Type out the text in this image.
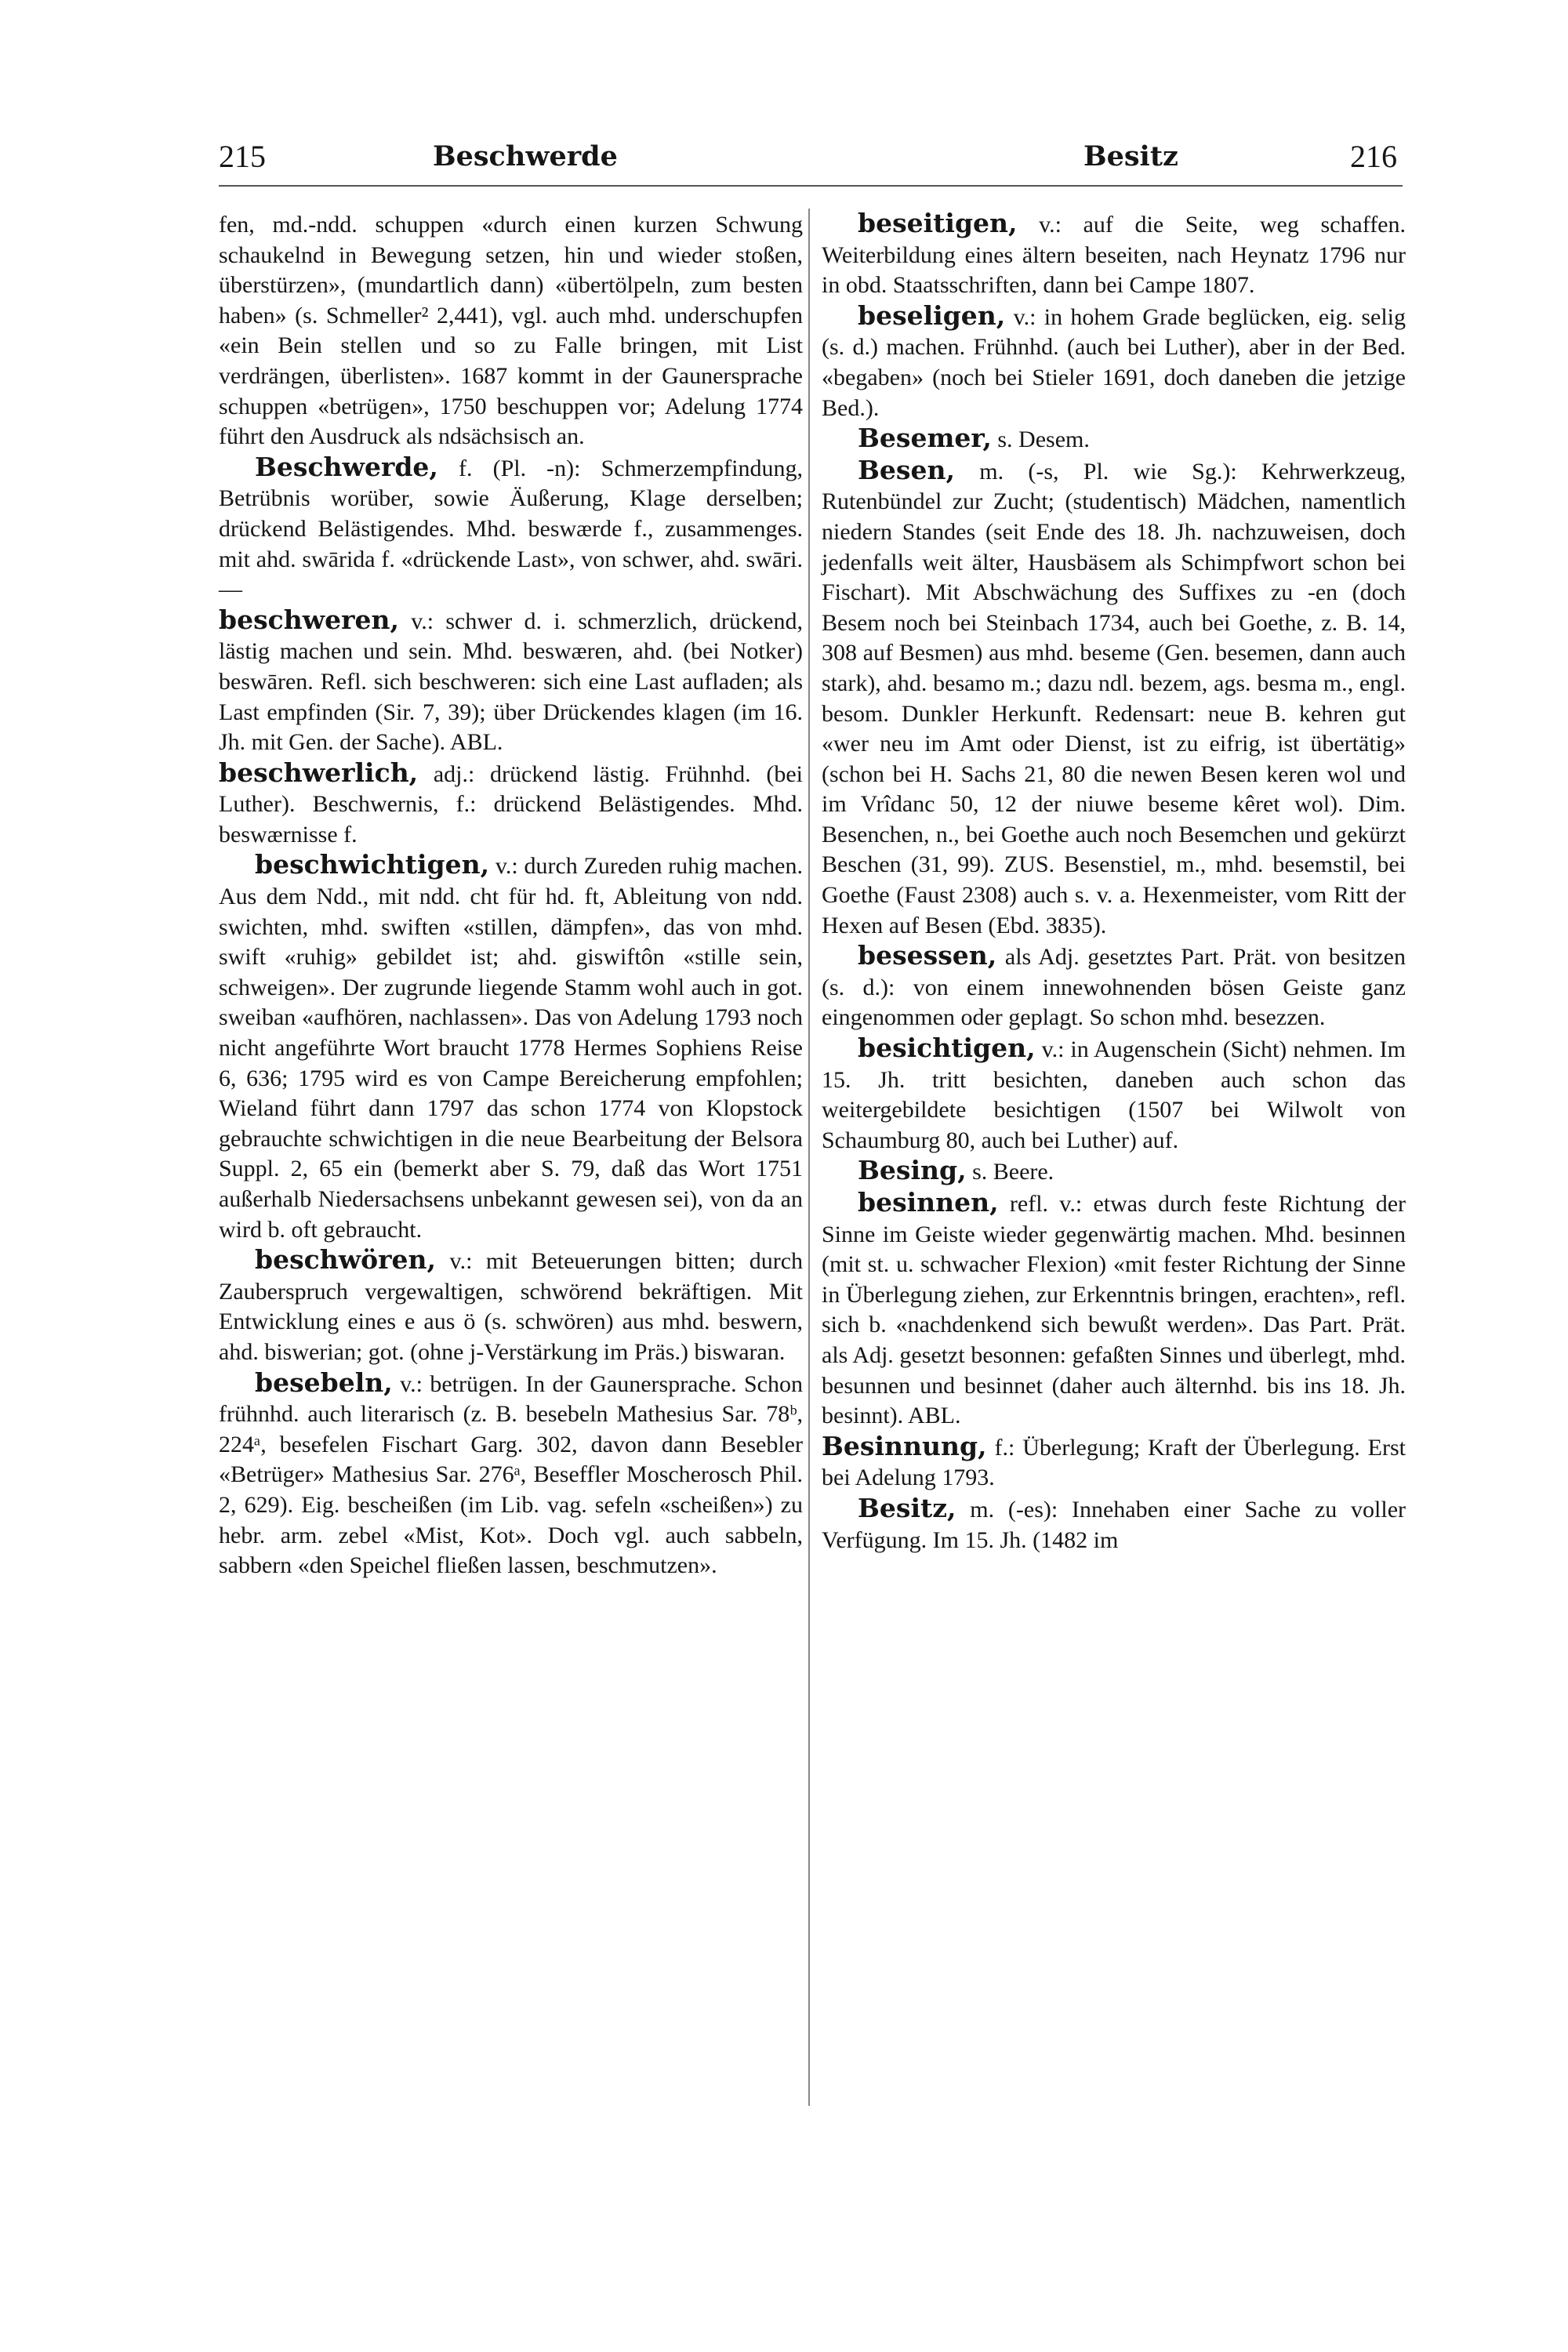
215	Beschwerde	Besitz	216

fen, md.-ndd. schuppen «durch einen kurzen Schwung schaukelnd in Bewegung setzen, hin und wieder stoßen, überstürzen», (mundartlich dann) «übertölpeln, zum besten haben» (s. Schmeller² 2,441), vgl. auch mhd. underschupfen «ein Bein stellen und so zu Falle bringen, mit List verdrängen, überlisten». 1687 kommt in der Gaunersprache schuppen «betrügen», 1750 beschuppen vor; Adelung 1774 führt den Ausdruck als ndsächsisch an.

Beschwerde, f. (Pl. -n): Schmerzempfindung, Betrübnis worüber, sowie Äußerung, Klage derselben; drückend Belästigendes. Mhd. beswærde f., zusammenges. mit ahd. swārida f. «drückende Last», von schwer, ahd. swāri. —

beschweren, v.: schwer d. i. schmerzlich, drückend, lästig machen und sein. Mhd. beswæren, ahd. (bei Notker) beswāren. Refl. sich beschweren: sich eine Last aufladen; als Last empfinden (Sir. 7, 39); über Drückendes klagen (im 16. Jh. mit Gen. der Sache). ABL.

beschwerlich, adj.: drückend lästig. Frühnhd. (bei Luther). Beschwernis, f.: drückend Belästigendes. Mhd. beswærnisse f.

beschwichtigen, v.: durch Zureden ruhig machen. Aus dem Ndd., mit ndd. cht für hd. ft, Ableitung von ndd. swichten, mhd. swiften «stillen, dämpfen», das von mhd. swift «ruhig» gebildet ist; ahd. giswiftôn «stille sein, schweigen». Der zugrunde liegende Stamm wohl auch in got. sweiban «aufhören, nachlassen». Das von Adelung 1793 noch nicht angeführte Wort braucht 1778 Hermes Sophiens Reise 6, 636; 1795 wird es von Campe Bereicherung empfohlen; Wieland führt dann 1797 das schon 1774 von Klopstock gebrauchte schwichtigen in die neue Bearbeitung der Belsora Suppl. 2, 65 ein (bemerkt aber S. 79, daß das Wort 1751 außerhalb Niedersachsens unbekannt gewesen sei), von da an wird b. oft gebraucht.

beschwören, v.: mit Beteuerungen bitten; durch Zauberspruch vergewaltigen, schwörend bekräftigen. Mit Entwicklung eines e aus ö (s. schwören) aus mhd. beswern, ahd. biswerian; got. (ohne j-Verstärkung im Präs.) biswaran.

besebeln, v.: betrügen. In der Gaunersprache. Schon frühnhd. auch literarisch (z. B. besebeln Mathesius Sar. 78ᵇ, 224ᵃ, besefelen Fischart Garg. 302, davon dann Besebler «Betrüger» Mathesius Sar. 276ᵃ, Beseffler Moscherosch Phil. 2, 629). Eig. bescheißen (im Lib. vag. sefeln «scheißen») zu hebr. arm. zebel «Mist, Kot». Doch vgl. auch sabbeln, sabbern «den Speichel fließen lassen, beschmutzen».

beseitigen, v.: auf die Seite, weg schaffen. Weiterbildung eines ältern beseiten, nach Heynatz 1796 nur in obd. Staatsschriften, dann bei Campe 1807.

beseligen, v.: in hohem Grade beglücken, eig. selig (s. d.) machen. Frühnhd. (auch bei Luther), aber in der Bed. «begaben» (noch bei Stieler 1691, doch daneben die jetzige Bed.).

Besemer, s. Desem.

Besen, m. (-s, Pl. wie Sg.): Kehrwerkzeug, Rutenbündel zur Zucht; (studentisch) Mädchen, namentlich niedern Standes (seit Ende des 18. Jh. nachzuweisen, doch jedenfalls weit älter, Hausbäsem als Schimpfwort schon bei Fischart). Mit Abschwächung des Suffixes zu -en (doch Besem noch bei Steinbach 1734, auch bei Goethe, z. B. 14, 308 auf Besmen) aus mhd. beseme (Gen. besemen, dann auch stark), ahd. besamo m.; dazu ndl. bezem, ags. besma m., engl. besom. Dunkler Herkunft. Redensart: neue B. kehren gut «wer neu im Amt oder Dienst, ist zu eifrig, ist übertätig» (schon bei H. Sachs 21, 80 die newen Besen keren wol und im Vrîdanc 50, 12 der niuwe beseme kêret wol). Dim. Besenchen, n., bei Goethe auch noch Besemchen und gekürzt Beschen (31, 99). ZUS. Besenstiel, m., mhd. besemstil, bei Goethe (Faust 2308) auch s. v. a. Hexenmeister, vom Ritt der Hexen auf Besen (Ebd. 3835).

besessen, als Adj. gesetztes Part. Prät. von besitzen (s. d.): von einem innewohnenden bösen Geiste ganz eingenommen oder geplagt. So schon mhd. besezzen.

besichtigen, v.: in Augenschein (Sicht) nehmen. Im 15. Jh. tritt besichten, daneben auch schon das weitergebildete besichtigen (1507 bei Wilwolt von Schaumburg 80, auch bei Luther) auf.

Besing, s. Beere.

besinnen, refl. v.: etwas durch feste Richtung der Sinne im Geiste wieder gegenwärtig machen. Mhd. besinnen (mit st. u. schwacher Flexion) «mit fester Richtung der Sinne in Überlegung ziehen, zur Erkenntnis bringen, erachten», refl. sich b. «nachdenkend sich bewußt werden». Das Part. Prät. als Adj. gesetzt besonnen: gefaßten Sinnes und überlegt, mhd. besunnen und besinnet (daher auch älternhd. bis ins 18. Jh. besinnt). ABL.

Besinnung, f.: Überlegung; Kraft der Überlegung. Erst bei Adelung 1793.

Besitz, m. (-es): Innehaben einer Sache zu voller Verfügung. Im 15. Jh. (1482 im
